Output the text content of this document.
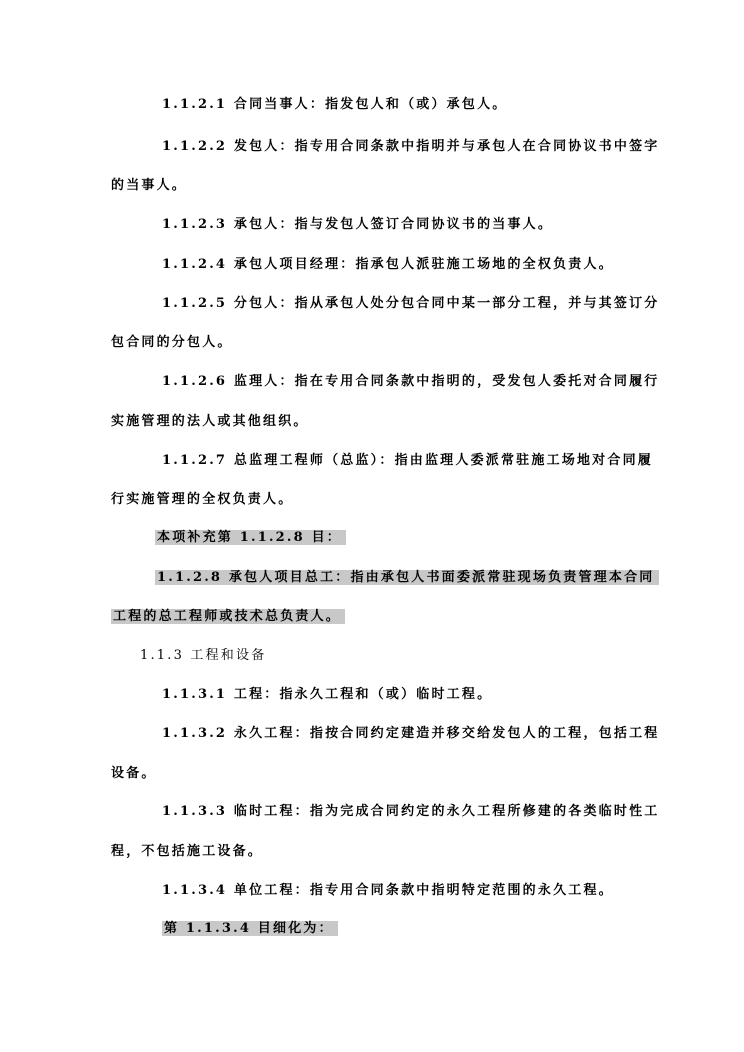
1.1.2.1 合同当事人：指发包人和（或）承包人。
1.1.2.2 发包人：指专用合同条款中指明并与承包人在合同协议书中签字
的当事人。
1.1.2.3 承包人：指与发包人签订合同协议书的当事人。
1.1.2.4 承包人项目经理：指承包人派驻施工场地的全权负责人。
1.1.2.5 分包人：指从承包人处分包合同中某一部分工程，并与其签订分
包合同的分包人。
1.1.2.6 监理人：指在专用合同条款中指明的，受发包人委托对合同履行
实施管理的法人或其他组织。
1.1.2.7 总监理工程师（总监）：指由监理人委派常驻施工场地对合同履
行实施管理的全权负责人。
本项补充第 1.1.2.8 目：
1.1.2.8 承包人项目总工：指由承包人书面委派常驻现场负责管理本合同
工程的总工程师或技术总负责人。
1.1.3 工程和设备
1.1.3.1 工程：指永久工程和（或）临时工程。
1.1.3.2 永久工程：指按合同约定建造并移交给发包人的工程，包括工程
设备。
1.1.3.3 临时工程：指为完成合同约定的永久工程所修建的各类临时性工
程，不包括施工设备。
1.1.3.4 单位工程：指专用合同条款中指明特定范围的永久工程。
第 1.1.3.4 目细化为：
